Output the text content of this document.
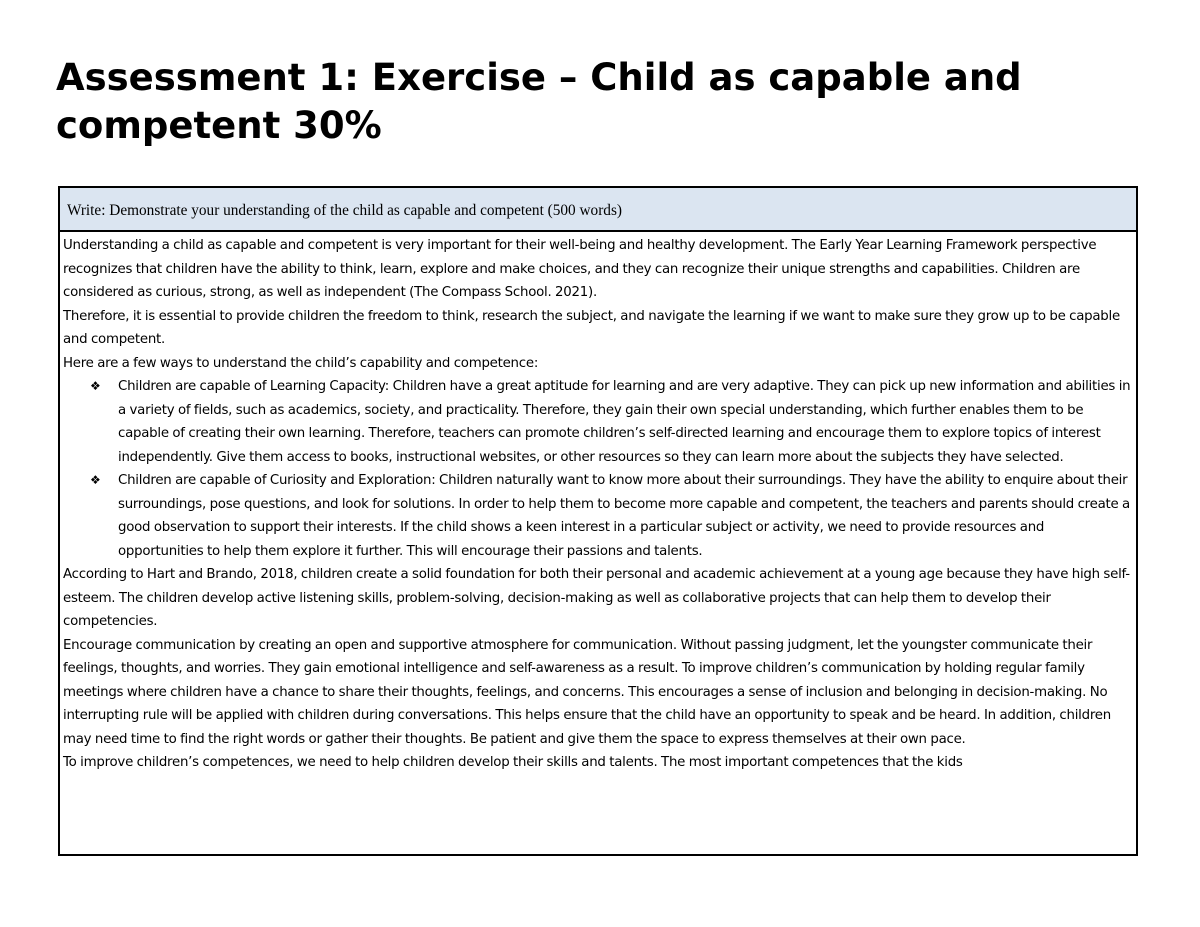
Assessment 1: Exercise – Child as capable and competent 30%
Write: Demonstrate your understanding of the child as capable and competent (500 words)

Understanding a child as capable and competent is very important for their well-being and healthy development. The Early Year Learning Framework perspective recognizes that children have the ability to think, learn, explore and make choices, and they can recognize their unique strengths and capabilities. Children are considered as curious, strong, as well as independent (The Compass School. 2021).

Therefore, it is essential to provide children the freedom to think, research the subject, and navigate the learning if we want to make sure they grow up to be capable and competent.

Here are a few ways to understand the child’s capability and competence:

❖ Children are capable of Learning Capacity: Children have a great aptitude for learning and are very adaptive. They can pick up new information and abilities in a variety of fields, such as academics, society, and practicality. Therefore, they gain their own special understanding, which further enables them to be capable of creating their own learning. Therefore, teachers can promote children’s self-directed learning and encourage them to explore topics of interest independently. Give them access to books, instructional websites, or other resources so they can learn more about the subjects they have selected.
❖ Children are capable of Curiosity and Exploration: Children naturally want to know more about their surroundings. They have the ability to enquire about their surroundings, pose questions, and look for solutions. In order to help them to become more capable and competent, the teachers and parents should create a good observation to support their interests. If the child shows a keen interest in a particular subject or activity, we need to provide resources and opportunities to help them explore it further. This will encourage their passions and talents.

According to Hart and Brando, 2018, children create a solid foundation for both their personal and academic achievement at a young age because they have high self-esteem. The children develop active listening skills, problem-solving, decision-making as well as collaborative projects that can help them to develop their competencies.

Encourage communication by creating an open and supportive atmosphere for communication. Without passing judgment, let the youngster communicate their feelings, thoughts, and worries. They gain emotional intelligence and self-awareness as a result. To improve children’s communication by holding regular family meetings where children have a chance to share their thoughts, feelings, and concerns. This encourages a sense of inclusion and belonging in decision-making. No interrupting rule will be applied with children during conversations. This helps ensure that the child have an opportunity to speak and be heard. In addition, children may need time to find the right words or gather their thoughts. Be patient and give them the space to express themselves at their own pace.

To improve children’s competences, we need to help children develop their skills and talents. The most important competences that the kids
